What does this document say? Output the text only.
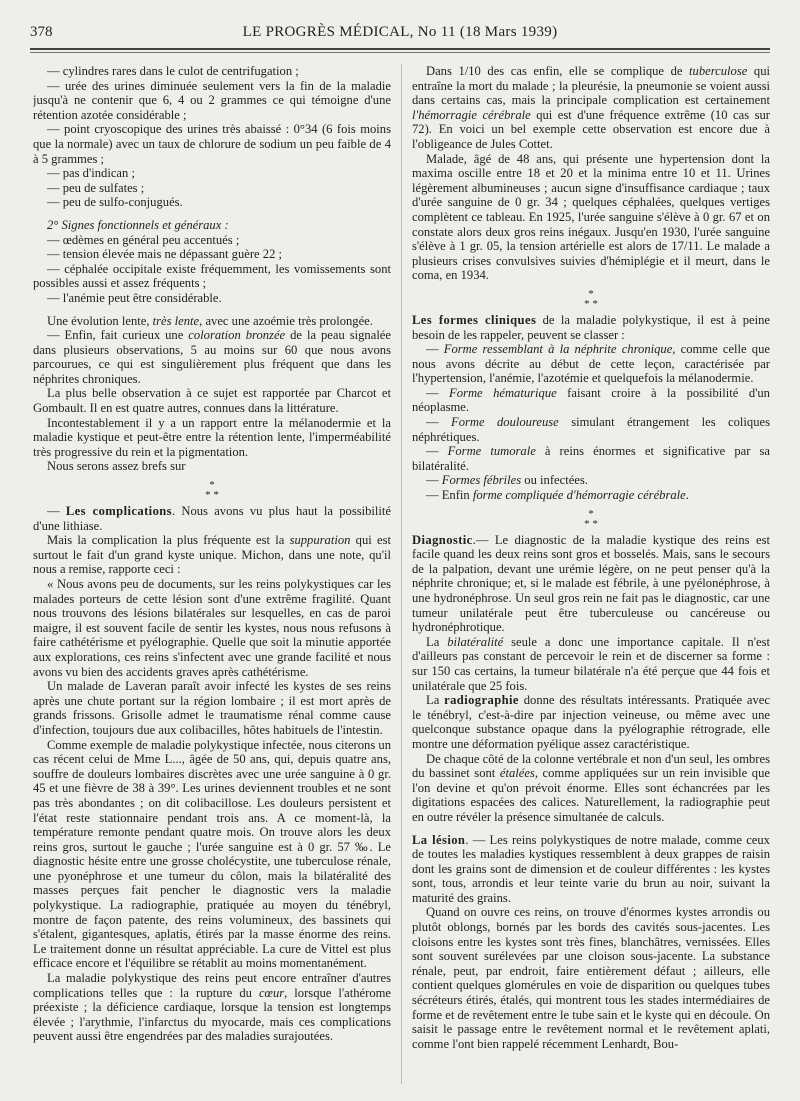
378	LE PROGRÈS MÉDICAL, No 11 (18 Mars 1939)

— cylindres rares dans le culot de centrifugation ;

— urée des urines diminuée seulement vers la fin de la maladie jusqu'à ne contenir que 6, 4 ou 2 grammes ce qui témoigne d'une rétention azotée considérable ;

— point cryoscopique des urines très abaissé : 0°34 (6 fois moins que la normale) avec un taux de chlorure de sodium un peu faible de 4 à 5 grammes ;

— pas d'indican ;

— peu de sulfates ;

— peu de sulfo-conjugués.

2° Signes fonctionnels et généraux :

— œdèmes en général peu accentués ;

— tension élevée mais ne dépassant guère 22 ;

— céphalée occipitale existe fréquemment, les vomissements sont possibles aussi et assez fréquents ;

— l'anémie peut être considérable.

Une évolution lente, très lente, avec une azoémie très prolongée.

— Enfin, fait curieux une coloration bronzée de la peau signalée dans plusieurs observations, 5 au moins sur 60 que nous avons parcourues, ce qui est singulièrement plus fréquent que dans les néphrites chroniques.

La plus belle observation à ce sujet est rapportée par Charcot et Gombault. Il en est quatre autres, connues dans la littérature.

Incontestablement il y a un rapport entre la mélanodermie et la maladie kystique et peut-être entre la rétention lente, l'imperméabilité très progressive du rein et la pigmentation.

Nous serons assez brefs sur

*
* *

— Les complications. Nous avons vu plus haut la possibilité d'une lithiase.

Mais la complication la plus fréquente est la suppuration qui est surtout le fait d'un grand kyste unique. Michon, dans une note, qu'il nous a remise, rapporte ceci :

« Nous avons peu de documents, sur les reins polykystiques car les malades porteurs de cette lésion sont d'une extrême fragilité. Quant nous trouvons des lésions bilatérales sur lesquelles, en cas de paroi maigre, il est souvent facile de sentir les kystes, nous nous refusons à faire cathétérisme et pyélographie. Quelle que soit la minutie apportée aux explorations, ces reins s'infectent avec une grande facilité et nous avons vu bien des accidents graves après cathétérisme.

Un malade de Laveran paraît avoir infecté les kystes de ses reins après une chute portant sur la région lombaire ; il est mort après de grands frissons. Grisolle admet le traumatisme rénal comme cause d'infection, toujours due aux colibacilles, hôtes habituels de l'intestin.

Comme exemple de maladie polykystique infectée, nous citerons un cas récent celui de Mme L..., âgée de 50 ans, qui, depuis quatre ans, souffre de douleurs lombaires discrètes avec une urée sanguine à 0 gr. 45 et une fièvre de 38 à 39°. Les urines deviennent troubles et ne sont pas très abondantes ; on dit colibacillose. Les douleurs persistent et l'état reste stationnaire pendant trois ans. A ce moment-là, la température remonte pendant quatre mois. On trouve alors les deux reins gros, surtout le gauche ; l'urée sanguine est à 0 gr. 57 ‰. Le diagnostic hésite entre une grosse cholécystite, une tuberculose rénale, une pyonéphrose et une tumeur du côlon, mais la bilatéralité des masses perçues fait pencher le diagnostic vers la maladie polykystique. La radiographie, pratiquée au moyen du ténébryl, montre de façon patente, des reins volumineux, des bassinets qui s'étalent, gigantesques, aplatis, étirés par la masse énorme des reins. Le traitement donne un résultat appréciable. La cure de Vittel est plus efficace encore et l'équilibre se rétablit au moins momentanément.

La maladie polykystique des reins peut encore entraîner d'autres complications telles que : la rupture du cœur, lorsque l'athérome préexiste ; la déficience cardiaque, lorsque la tension est longtemps élevée ; l'arythmie, l'infarctus du myocarde, mais ces complications peuvent aussi être engendrées par des maladies surajoutées.

Dans 1/10 des cas enfin, elle se complique de tuberculose qui entraîne la mort du malade ; la pleurésie, la pneumonie se voient aussi dans certains cas, mais la principale complication est certainement l'hémorragie cérébrale qui est d'une fréquence extrême (10 cas sur 72). En voici un bel exemple cette observation est encore due à l'obligeance de Jules Cottet.

Malade, âgé de 48 ans, qui présente une hypertension dont la maxima oscille entre 18 et 20 et la minima entre 10 et 11. Urines légèrement albumineuses ; aucun signe d'insuffisance cardiaque ; taux d'urée sanguine de 0 gr. 34 ; quelques céphalées, quelques vertiges complètent ce tableau. En 1925, l'urée sanguine s'élève à 0 gr. 67 et on constate alors deux gros reins inégaux. Jusqu'en 1930, l'urée sanguine s'élève à 1 gr. 05, la tension artérielle est alors de 17/11. Le malade a plusieurs crises convulsives suivies d'hémiplégie et il meurt, dans le coma, en 1934.

*
* *

Les formes cliniques de la maladie polykystique, il est à peine besoin de les rappeler, peuvent se classer :

— Forme ressemblant à la néphrite chronique, comme celle que nous avons décrite au début de cette leçon, caractérisée par l'hypertension, l'anémie, l'azotémie et quelquefois la mélanodermie.

— Forme hématurique faisant croire à la possibilité d'un néoplasme.

— Forme douloureuse simulant étrangement les coliques néphrétiques.

— Forme tumorale à reins énormes et significative par sa bilatéralité.

— Formes fébriles ou infectées.

— Enfin forme compliquée d'hémorragie cérébrale.

*
* *

Diagnostic.— Le diagnostic de la maladie kystique des reins est facile quand les deux reins sont gros et bosselés. Mais, sans le secours de la palpation, devant une urémie légère, on ne peut penser qu'à la néphrite chronique; et, si le malade est fébrile, à une pyélonéphrose, à une hydronéphrose. Un seul gros rein ne fait pas le diagnostic, car une tumeur unilatérale peut être tuberculeuse ou cancéreuse ou hydronéphrotique.

La bilatéralité seule a donc une importance capitale. Il n'est d'ailleurs pas constant de percevoir le rein et de discerner sa forme : sur 150 cas certains, la tumeur bilatérale n'a été perçue que 44 fois et unilatérale que 25 fois.

La radiographie donne des résultats intéressants. Pratiquée avec le ténébryl, c'est-à-dire par injection veineuse, ou même avec une quelconque substance opaque dans la pyélographie rétrograde, elle montre une déformation pyélique assez caractéristique.

De chaque côté de la colonne vertébrale et non d'un seul, les ombres du bassinet sont étalées, comme appliquées sur un rein invisible que l'on devine et qu'on prévoit énorme. Elles sont échancrées par les digitations espacées des calices. Naturellement, la radiographie peut en outre révéler la présence simultanée de calculs.

La lésion. — Les reins polykystiques de notre malade, comme ceux de toutes les maladies kystiques ressemblent à deux grappes de raisin dont les grains sont de dimension et de couleur différentes : les kystes sont, tous, arrondis et leur teinte varie du brun au noir, suivant la maturité des grains.

Quand on ouvre ces reins, on trouve d'énormes kystes arrondis ou plutôt oblongs, bornés par les bords des cavités sous-jacentes. Les cloisons entre les kystes sont très fines, blanchâtres, vernissées. Elles sont souvent surélevées par une cloison sous-jacente. La substance rénale, peut, par endroit, faire entièrement défaut ; ailleurs, elle contient quelques glomérules en voie de disparition ou quelques tubes sécréteurs étirés, étalés, qui montrent tous les stades intermédiaires de forme et de revêtement entre le tube sain et le kyste qui en découle. On saisit le passage entre le revêtement normal et le revêtement aplati, comme l'ont bien rappelé récemment Lenhardt, Bou-
